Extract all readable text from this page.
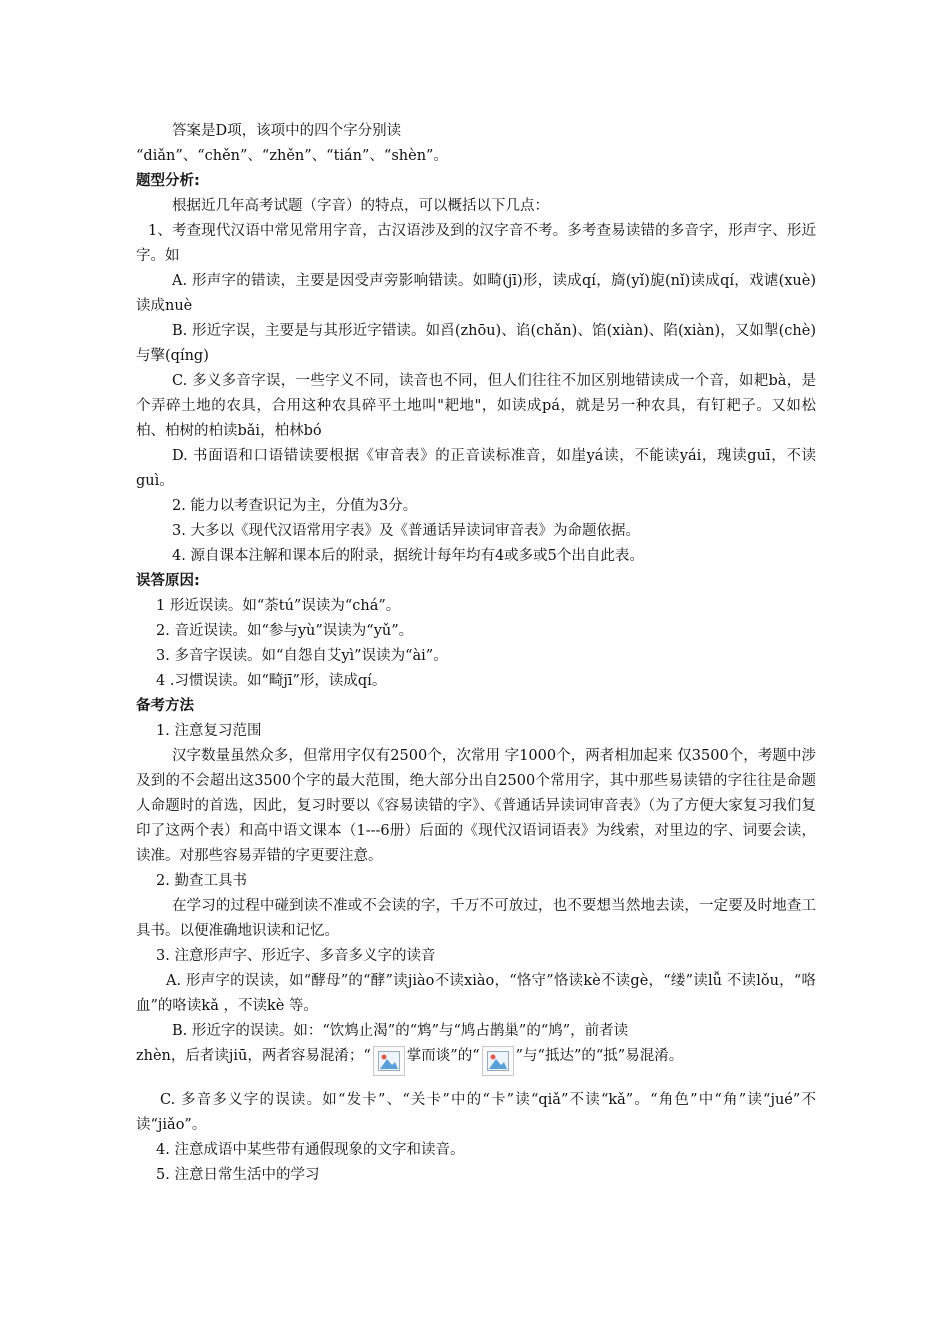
答案是D项，该项中的四个字分别读

“diǎn”、“chěn”、“zhěn”、“tián”、“shèn”。

题型分析:

根据近几年高考试题（字音）的特点，可以概括以下几点：

1、考查现代汉语中常见常用字音，古汉语涉及到的汉字音不考。多考查易读错的多音字，形声字、形近字。如

A. 形声字的错读，主要是因受声旁影响错读。如畸(jī)形，读成qí，旖(yǐ)旎(nǐ)读成qí，戏谑(xuè)读成nuè

B. 形近字误，主要是与其形近字错读。如舀(zhōu)、谄(chǎn)、馅(xiàn)、陷(xiàn)，又如掣(chè)与擎(qíng)

C. 多义多音字误，一些字义不同，读音也不同，但人们往往不加区别地错读成一个音，如耙bà，是个弄碎土地的农具，合用这种农具碎平土地叫"耙地"，如读成pá，就是另一种农具，有钉耙子。又如松柏、柏树的柏读bǎi，柏林bó

D. 书面语和口语错读要根据《审音表》的正音读标准音，如崖yá读，不能读yái，瑰读guī，不读guì。

2. 能力以考查识记为主，分值为3分。

3. 大多以《现代汉语常用字表》及《普通话异读词审音表》为命题依据。

4. 源自课本注解和课本后的附录，据统计每年均有4或多或5个出自此表。

误答原因:

1 形近误读。如“荼tú”误读为“chá”。

2. 音近误读。如“参与yù”误读为“yǔ”。

3. 多音字误读。如“自怨自艾yì”误读为“ài”。

4 .习惯误读。如“畸jī”形，读成qí。

备考方法

1. 注意复习范围

汉字数量虽然众多，但常用字仅有2500个，次常用 字1000个，两者相加起来 仅3500个，考题中涉及到的不会超出这3500个字的最大范围，绝大部分出自2500个常用字，其中那些易读错的字往往是命题人命题时的首选，因此，复习时要以《容易读错的字》、《普通话异读词审音表》（为了方便大家复习我们复印了这两个表）和高中语文课本（1---6册）后面的《现代汉语词语表》为线索，对里边的字、词要会读，读准。对那些容易弄错的字更要注意。

2. 勤查工具书

在学习的过程中碰到读不准或不会读的字，千万不可放过，也不要想当然地去读，一定要及时地查工具书。以便准确地识读和记忆。

3. 注意形声字、形近字、多音多义字的读音

A. 形声字的误读，如“酵母”的“酵”读jiào不读xiào，“恪守”恪读kè不读gè，“缕”读lǚ 不读lǒu，“咯血”的咯读kǎ ，不读kè 等。

B. 形近字的误读。如：“饮鸩止渴”的“鸩”与“鸠占鹊巢”的“鸠”，前者读

zhèn，后者读jiū，两者容易混淆；“ 掌而谈”的“ ”与“抵达”的“抵”易混淆。

C. 多音多义字的误读。如“发卡”、“关卡”中的“卡”读“qiǎ”不读“kǎ”。“角色”中“角”读“jué”不读“jiǎo”。

4. 注意成语中某些带有通假现象的文字和读音。

5. 注意日常生活中的学习
